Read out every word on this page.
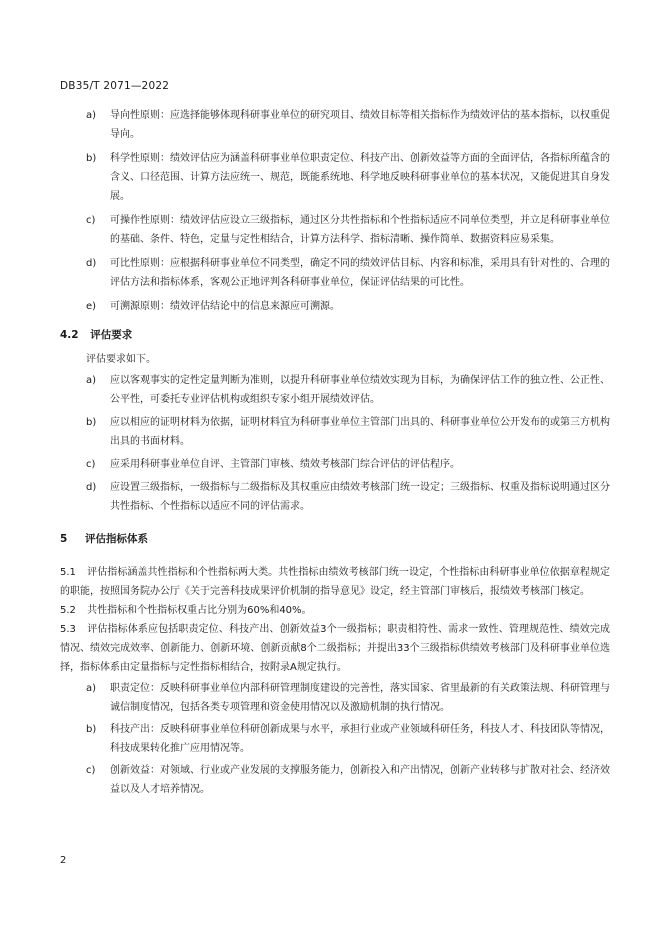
DB35/T 2071—2022

a) 导向性原则：应选择能够体现科研事业单位的研究项目、绩效目标等相关指标作为绩效评估的基本指标，以权重促导向。

b) 科学性原则：绩效评估应为涵盖科研事业单位职责定位、科技产出、创新效益等方面的全面评估，各指标所蕴含的含义、口径范围、计算方法应统一、规范，既能系统地、科学地反映科研事业单位的基本状况，又能促进其自身发展。

c) 可操作性原则：绩效评估应设立三级指标，通过区分共性指标和个性指标适应不同单位类型，并立足科研事业单位的基础、条件、特色，定量与定性相结合，计算方法科学、指标清晰、操作简单、数据资料应易采集。

d) 可比性原则：应根据科研事业单位不同类型，确定不同的绩效评估目标、内容和标准，采用具有针对性的、合理的评估方法和指标体系，客观公正地评判各科研事业单位，保证评估结果的可比性。

e) 可溯源原则：绩效评估结论中的信息来源应可溯源。

4.2 评估要求

评估要求如下。

a) 应以客观事实的定性定量判断为准则，以提升科研事业单位绩效实现为目标，为确保评估工作的独立性、公正性、公平性，可委托专业评估机构或组织专家小组开展绩效评估。

b) 应以相应的证明材料为依据，证明材料宜为科研事业单位主管部门出具的、科研事业单位公开发布的或第三方机构出具的书面材料。

c) 应采用科研事业单位自评、主管部门审核、绩效考核部门综合评估的评估程序。

d) 应设置三级指标，一级指标与二级指标及其权重应由绩效考核部门统一设定；三级指标、权重及指标说明通过区分共性指标、个性指标以适应不同的评估需求。

5 评估指标体系

5.1 评估指标涵盖共性指标和个性指标两大类。共性指标由绩效考核部门统一设定，个性指标由科研事业单位依据章程规定的职能，按照国务院办公厅《关于完善科技成果评价机制的指导意见》设定，经主管部门审核后，报绩效考核部门核定。

5.2 共性指标和个性指标权重占比分别为60%和40%。

5.3 评估指标体系应包括职责定位、科技产出、创新效益3个一级指标；职责相符性、需求一致性、管理规范性、绩效完成情况、绩效完成效率、创新能力、创新环境、创新贡献8个二级指标；并提出33个三级指标供绩效考核部门及科研事业单位选择，指标体系由定量指标与定性指标相结合，按附录A规定执行。

a) 职责定位：反映科研事业单位内部科研管理制度建设的完善性，落实国家、省里最新的有关政策法规、科研管理与诚信制度情况，包括各类专项管理和资金使用情况以及激励机制的执行情况。

b) 科技产出：反映科研事业单位科研创新成果与水平，承担行业或产业领域科研任务，科技人才、科技团队等情况，科技成果转化推广应用情况等。

c) 创新效益：对领域、行业或产业发展的支撑服务能力，创新投入和产出情况，创新产业转移与扩散对社会、经济效益以及人才培养情况。

2
